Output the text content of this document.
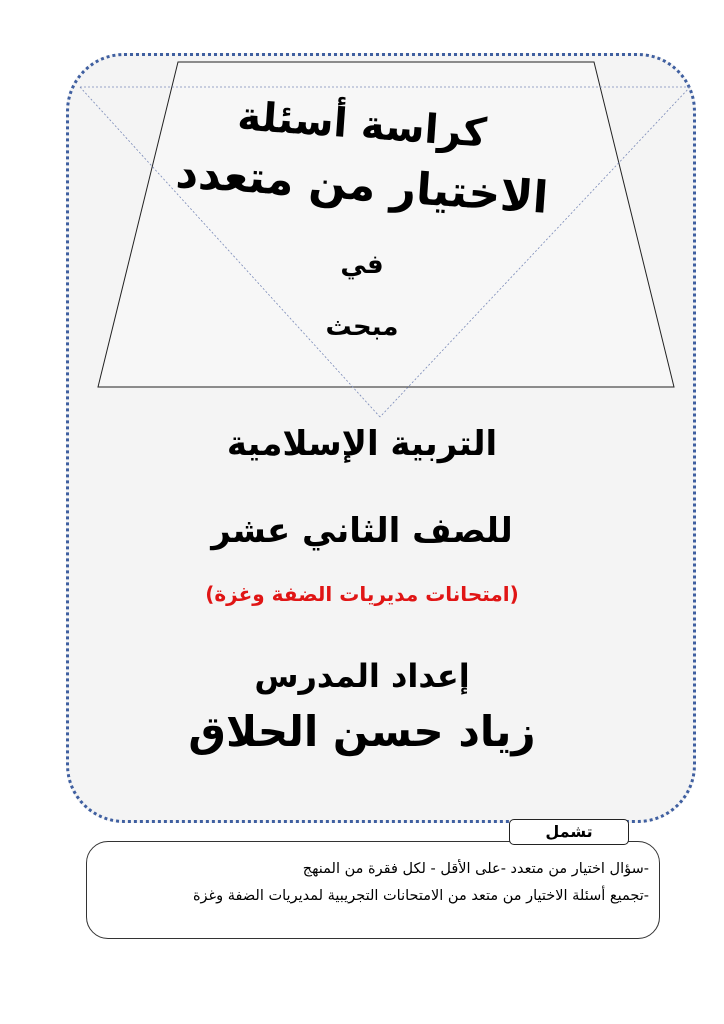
كراسة أسئلة
الاختيار من متعدد
في
مبحث
التربية الإسلامية
للصف الثاني عشر
(امتحانات مديريات الضفة وغزة)
إعداد المدرس
زياد حسن الحلاق
-سؤال اختيار من متعدد -على الأقل - لكل فقرة من المنهج
-تجميع أسئلة الاختيار من متعد من الامتحانات التجريبية لمديريات الضفة وغزة
تشمل
